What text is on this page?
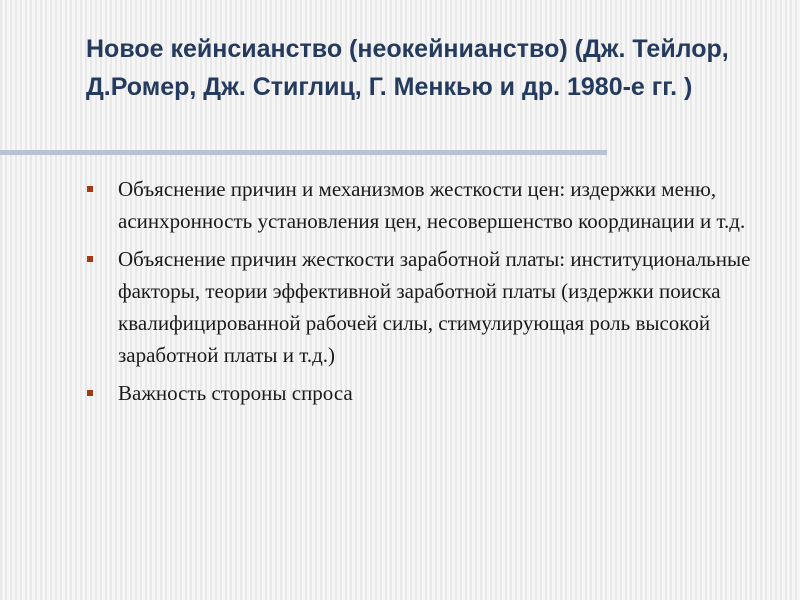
Новое кейнсианство (неокейнианство) (Дж. Тейлор, Д.Ромер, Дж. Стиглиц, Г. Менкью и др. 1980-е гг. )
Объяснение причин и механизмов жесткости цен: издержки меню, асинхронность установления цен, несовершенство координации и т.д.
Объяснение причин жесткости заработной платы: институциональные факторы, теории эффективной заработной платы (издержки поиска квалифицированной рабочей силы, стимулирующая роль высокой заработной платы и т.д.)
Важность стороны спроса
